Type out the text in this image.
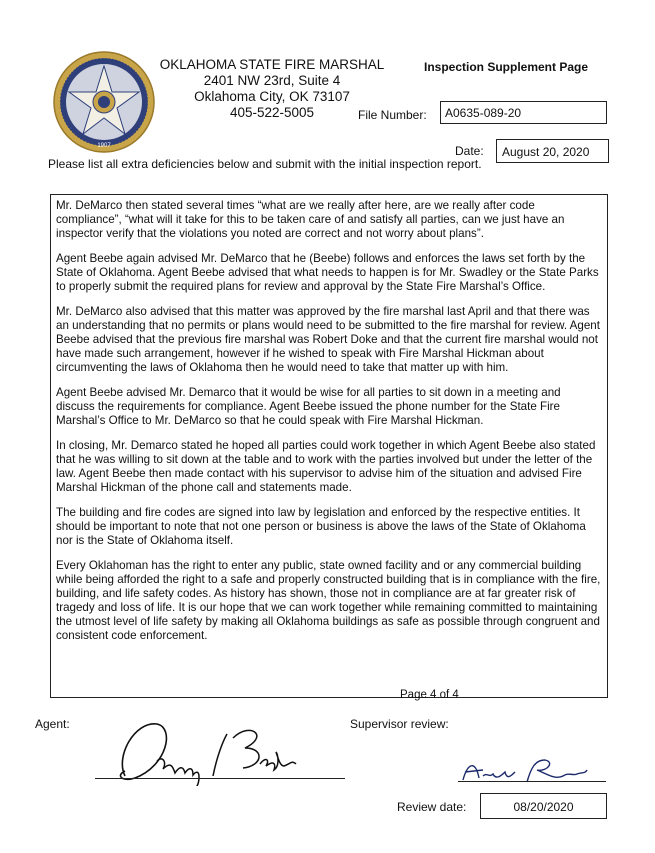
1907
OKLAHOMA STATE FIRE MARSHAL
2401 NW 23rd, Suite 4
Oklahoma City, OK 73107
405-522-5005
Inspection Supplement Page
File Number:	A0635-089-20
Date:	August 20, 2020
Please list all extra deficiencies below and submit with the initial inspection report.

Mr. DeMarco then stated several times “what are we really after here, are we really after code compliance”, “what will it take for this to be taken care of and satisfy all parties, can we just have an inspector verify that the violations you noted are correct and not worry about plans”.

Agent Beebe again advised Mr. DeMarco that he (Beebe) follows and enforces the laws set forth by the State of Oklahoma. Agent Beebe advised that what needs to happen is for Mr. Swadley or the State Parks to properly submit the required plans for review and approval by the State Fire Marshal’s Office.

Mr. DeMarco also advised that this matter was approved by the fire marshal last April and that there was an understanding that no permits or plans would need to be submitted to the fire marshal for review. Agent Beebe advised that the previous fire marshal was Robert Doke and that the current fire marshal would not have made such arrangement, however if he wished to speak with Fire Marshal Hickman about circumventing the laws of Oklahoma then he would need to take that matter up with him.

Agent Beebe advised Mr. Demarco that it would be wise for all parties to sit down in a meeting and discuss the requirements for compliance. Agent Beebe issued the phone number for the State Fire Marshal’s Office to Mr. DeMarco so that he could speak with Fire Marshal Hickman.

In closing, Mr. Demarco stated he hoped all parties could work together in which Agent Beebe also stated that he was willing to sit down at the table and to work with the parties involved but under the letter of the law. Agent Beebe then made contact with his supervisor to advise him of the situation and advised Fire Marshal Hickman of the phone call and statements made.

The building and fire codes are signed into law by legislation and enforced by the respective entities. It should be important to note that not one person or business is above the laws of the State of Oklahoma nor is the State of Oklahoma itself.

Every Oklahoman has the right to enter any public, state owned facility and or any commercial building while being afforded the right to a safe and properly constructed building that is in compliance with the fire, building, and life safety codes. As history has shown, those not in compliance are at far greater risk of tragedy and loss of life. It is our hope that we can work together while remaining committed to maintaining the utmost level of life safety by making all Oklahoma buildings as safe as possible through congruent and consistent code enforcement.

Page 4 of 4
Agent:	Supervisor review:
Review date:	08/20/2020
